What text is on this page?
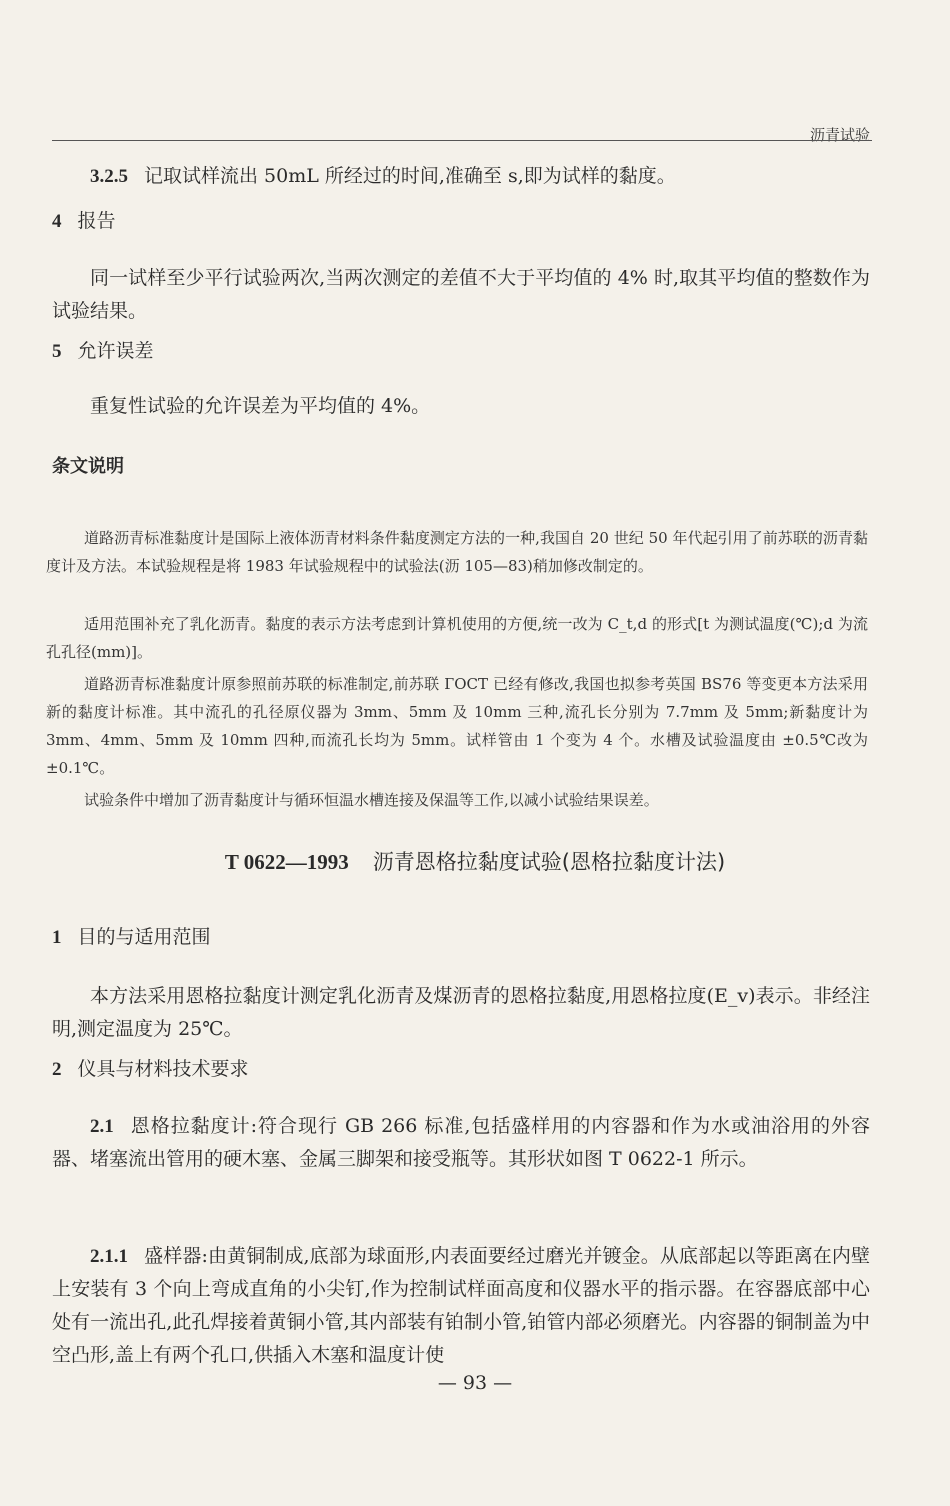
沥青试验
3.2.5 记取试样流出 50mL 所经过的时间,准确至 s,即为试样的黏度。
4 报告
同一试样至少平行试验两次,当两次测定的差值不大于平均值的 4% 时,取其平均值的整数作为试验结果。
5 允许误差
重复性试验的允许误差为平均值的 4%。
条文说明
道路沥青标准黏度计是国际上液体沥青材料条件黏度测定方法的一种,我国自 20 世纪 50 年代起引用了前苏联的沥青黏度计及方法。本试验规程是将 1983 年试验规程中的试验法(沥 105—83)稍加修改制定的。
适用范围补充了乳化沥青。黏度的表示方法考虑到计算机使用的方便,统一改为 C_t,d 的形式[t 为测试温度(℃);d 为流孔孔径(mm)]。
道路沥青标准黏度计原参照前苏联的标准制定,前苏联 ГОСТ 已经有修改,我国也拟参考英国 BS76 等变更本方法采用新的黏度计标准。其中流孔的孔径原仪器为 3mm、5mm 及 10mm 三种,流孔长分别为 7.7mm 及 5mm;新黏度计为 3mm、4mm、5mm 及 10mm 四种,而流孔长均为 5mm。试样管由 1 个变为 4 个。水槽及试验温度由 ±0.5℃改为 ±0.1℃。
试验条件中增加了沥青黏度计与循环恒温水槽连接及保温等工作,以减小试验结果误差。
T 0622—1993 沥青恩格拉黏度试验(恩格拉黏度计法)
1 目的与适用范围
本方法采用恩格拉黏度计测定乳化沥青及煤沥青的恩格拉黏度,用恩格拉度(E_v)表示。非经注明,测定温度为 25℃。
2 仪具与材料技术要求
2.1 恩格拉黏度计:符合现行 GB 266 标准,包括盛样用的内容器和作为水或油浴用的外容器、堵塞流出管用的硬木塞、金属三脚架和接受瓶等。其形状如图 T 0622-1 所示。
2.1.1 盛样器:由黄铜制成,底部为球面形,内表面要经过磨光并镀金。从底部起以等距离在内壁上安装有 3 个向上弯成直角的小尖钉,作为控制试样面高度和仪器水平的指示器。在容器底部中心处有一流出孔,此孔焊接着黄铜小管,其内部装有铂制小管,铂管内部必须磨光。内容器的铜制盖为中空凸形,盖上有两个孔口,供插入木塞和温度计使
— 93 —
